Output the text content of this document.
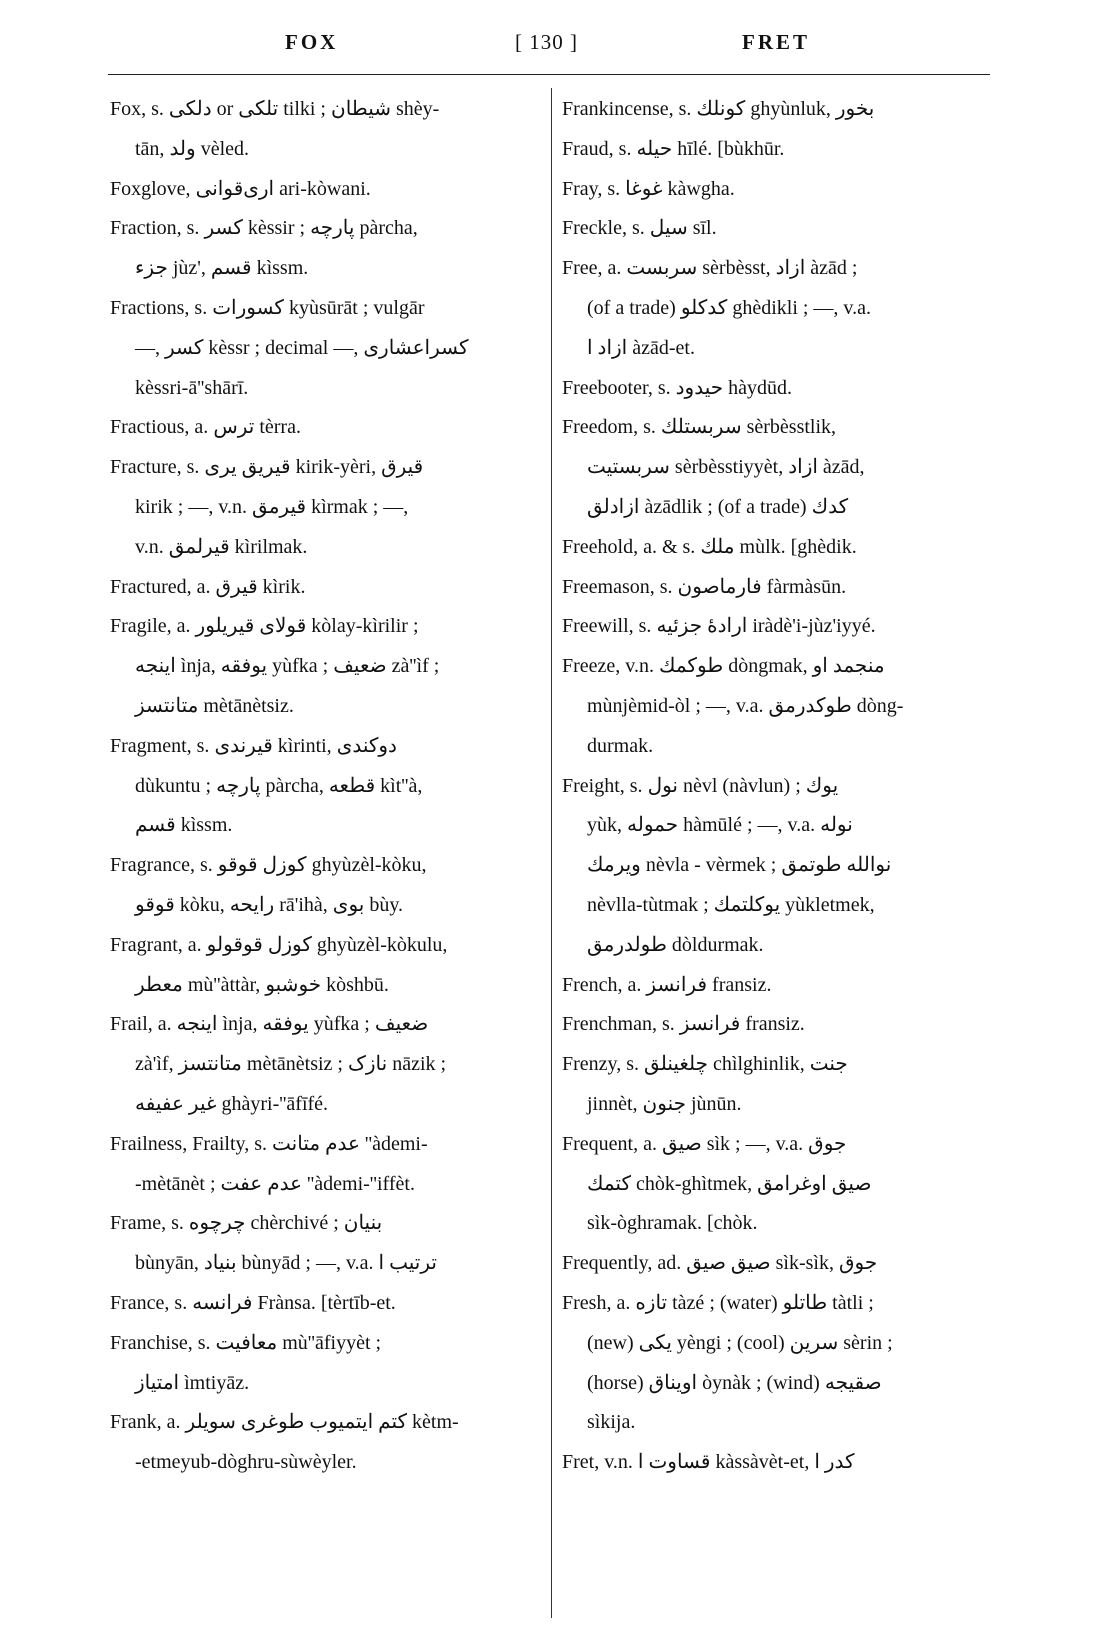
FOX	[ 130 ]	FRET
Fox, s. دلکی or تلکی tilki ; شیطان shèy-
tān, ولد vèled.
Foxglove, اری‌قوانی ari-kòwani.
Fraction, s. کسر kèssir ; پارچه pàrcha,
جزء jùz', قسم kìssm.
Fractions, s. کسورات kyùsūrāt ; vulgār
—, کسر kèssr ; decimal —, کسراعشاری
kèssri-ā''shārī.
Fractious, a. ترس tèrra.
Fracture, s. قیریق یری kirik-yèri, قیرق
kirik ; —, v.n. قیرمق kìrmak ; —,
v.n. قیرلمق kìrilmak.
Fractured, a. قیرق kìrik.
Fragile, a. قولای قیریلور kòlay-kìrilir ;
اینجه ìnja, یوفقه yùfka ; ضعیف zà''ìf ;
متانتسز mètānètsiz.
Fragment, s. قیرندی kìrinti, دوکندی
dùkuntu ; پارچه pàrcha, قطعه kìt''à,
قسم kìssm.
Fragrance, s. کوزل قوقو ghyùzèl-kòku,
قوقو kòku, رایحه rā'ihà, بوی bùy.
Fragrant, a. کوزل قوقولو ghyùzèl-kòkulu,
معطر mù''àttàr, خوشبو kòshbū.
Frail, a. اینجه ìnja, یوفقه yùfka ; ضعیف
zà'ìf, متانتسز mètānètsiz ; نازک nāzik ;
غیر عفیفه ghàyri-''āfīfé.
Frailness, Frailty, s. عدم متانت ''àdemi-
-mètānèt ; عدم عفت ''àdemi-''iffèt.
Frame, s. چرچوه chèrchivé ; بنیان
bùnyān, بنیاد bùnyād ; —, v.a. ترتیب ا
France, s. فرانسه Frànsa. [tèrtīb-et.
Franchise, s. معافیت mù''āfiyyèt ;
امتیاز ìmtiyāz.
Frank, a. کتم ایتمیوب طوغری سویلر kètm-
-etmeyub-dòghru-sùwèyler.
Frankincense, s. کونلك ghyùnluk, بخور
Fraud, s. حیله hīlé. [bùkhūr.
Fray, s. غوغا kàwgha.
Freckle, s. سیل sīl.
Free, a. سربست sèrbèsst, ازاد àzād ;
(of a trade) کدکلو ghèdikli ; —, v.a.
ازاد ا àzād-et.
Freebooter, s. حیدود hàydūd.
Freedom, s. سربستلك sèrbèsstlik,
سربستیت sèrbèsstiyyèt, ازاد àzād,
ازادلق àzādlik ; (of a trade) کدك
Freehold, a. & s. ملك mùlk. [ghèdik.
Freemason, s. فارماصون fàrmàsūn.
Freewill, s. ارادهٔ جزئیه iràdè'i-jùz'iyyé.
Freeze, v.n. طوکمك dòngmak, منجمد او
mùnjèmid-òl ; —, v.a. طوکدرمق dòng-
durmak.
Freight, s. نول nèvl (nàvlun) ; یوك
yùk, حموله hàmūlé ; —, v.a. نوله
ویرمك nèvla - vèrmek ; نوالله طوتمق
nèvlla-tùtmak ; یوکلتمك yùkletmek,
طولدرمق dòldurmak.
French, a. فرانسز fransiz.
Frenchman, s. فرانسز fransiz.
Frenzy, s. چلغینلق chìlghinlik, جنت
jinnèt, جنون jùnūn.
Frequent, a. صیق sìk ; —, v.a. جوق
کتمك chòk-ghìtmek, صیق اوغرامق
sìk-òghramak. [chòk.
Frequently, ad. صیق صیق sìk-sìk, جوق
Fresh, a. تازه tàzé ; (water) طاتلو tàtli ;
(new) یکی yèngi ; (cool) سرین sèrin ;
(horse) اویناق òynàk ; (wind) صقیجه
sìkija.
Fret, v.n. قساوت ا kàssàvèt-et, کدر ا
